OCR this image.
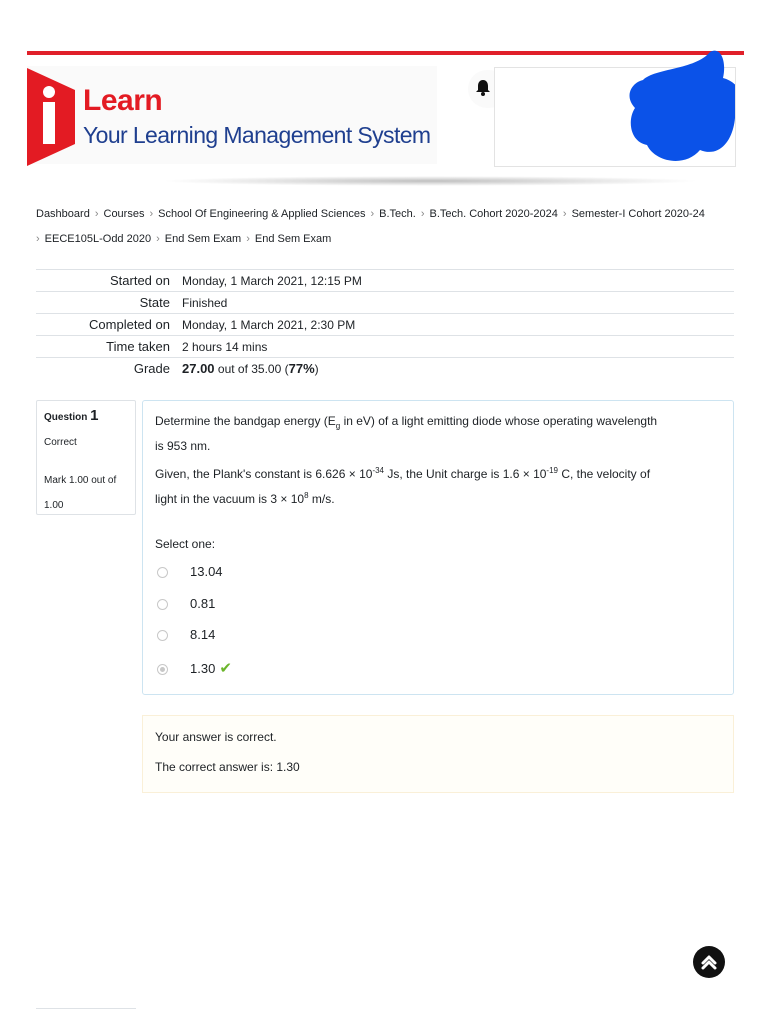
Learn
Your Learning Management System
Dashboard › Courses › School Of Engineering & Applied Sciences › B.Tech. › B.Tech. Cohort 2020-2024 › Semester-I Cohort 2020-24
› EECE105L-Odd 2020 › End Sem Exam › End Sem Exam
Started on	Monday, 1 March 2021, 12:15 PM
State	Finished
Completed on	Monday, 1 March 2021, 2:30 PM
Time taken	2 hours 14 mins
Grade	27.00 out of 35.00 (77%)
Question 1
Correct
Mark 1.00 out of 1.00
Determine the bandgap energy ($E_g$ in eV) of a light emitting diode whose operating wavelength
is 953 nm.
Given, the Plank's constant is $6.626 \times 10^{-34}$ Js, the Unit charge is $1.6 \times 10^{-19}$ C, the velocity of
light in the vacuum is $3 \times 10^8$ m/s.
Select one:
13.04
0.81
8.14
1.30 ✔
Your answer is correct.
The correct answer is: 1.30
